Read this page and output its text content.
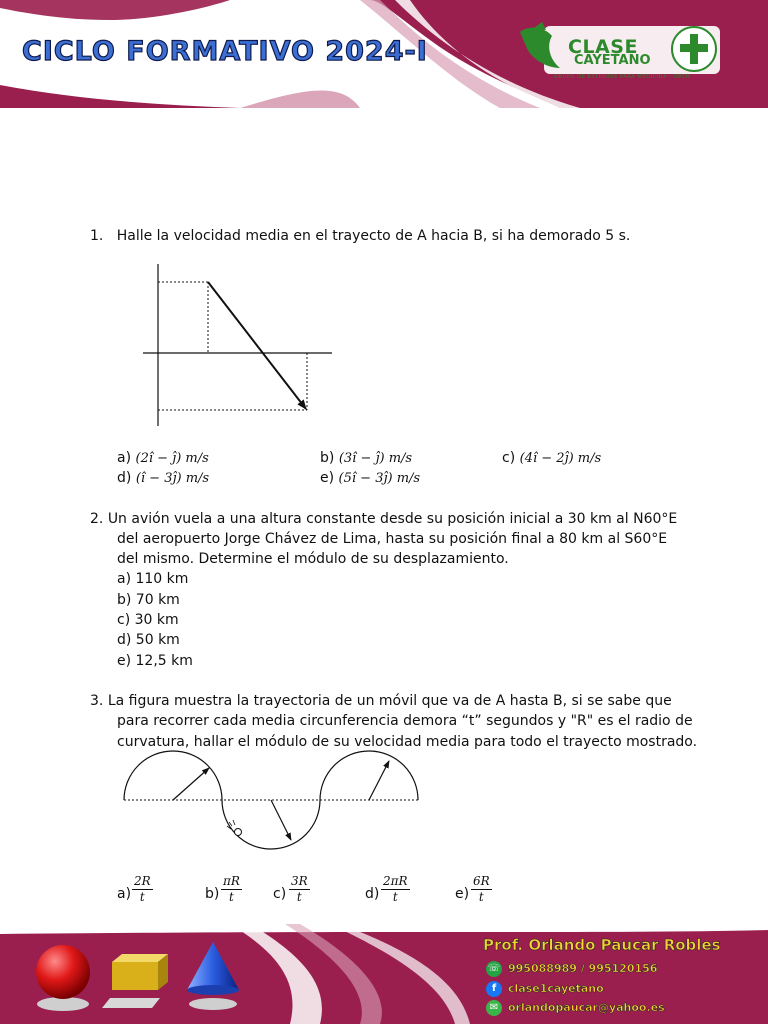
CICLO FORMATIVO 2024-I	CLASE
CAYETANO
GRUPO DE ESTUDIOS PARA MEDICINA - UPCH
1. Halle la velocidad media en el trayecto de A hacia B, si ha demorado 5 s.
a) (2î − ĵ) m/s	b) (3î − ĵ) m/s	c) (4î − 2ĵ) m/s
d) (î − 3ĵ) m/s	e) (5î − 3ĵ) m/s
2. Un avión vuela a una altura constante desde su posición inicial a 30 km al N60°E
del aeropuerto Jorge Chávez de Lima, hasta su posición final a 80 km al S60°E
del mismo. Determine el módulo de su desplazamiento.
a) 110 km
b) 70 km
c) 30 km
d) 50 km
e) 12,5 km
3. La figura muestra la trayectoria de un móvil que va de A hasta B, si se sabe que
para recorrer cada media circunferencia demora “t” segundos y "R" es el radio de
curvatura, hallar el módulo de su velocidad media para todo el trayecto mostrado.
$a) \frac{2R}{t}$	$b) \frac{\pi R}{t} c) \frac{3R}{t}$	$d) \frac{2\pi R}{t}$	$e) \frac{6R}{t}$
Prof. Orlando Paucar Robles
☏ 995088989 / 995120156
f	clase1cayetano
✉ orlandopaucar@yahoo.es
